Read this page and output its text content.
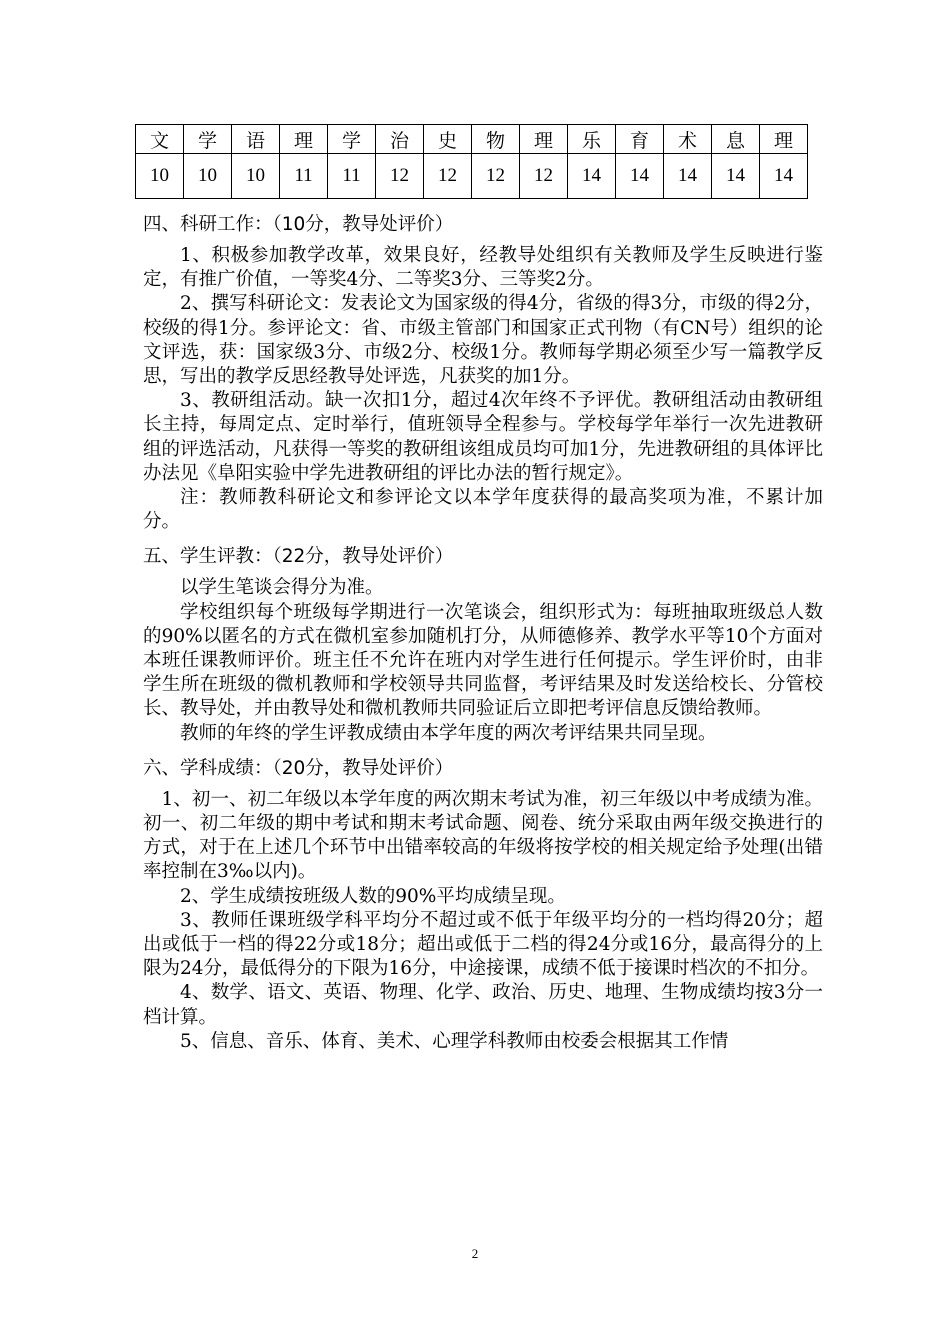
文	学	语	理	学	治	史	物	理	乐	育	术	息	理
10	10	10	11	11	12	12	12	12	14	14	14	14	14
四、科研工作：（10分，教导处评价）

1、积极参加教学改革，效果良好，经教导处组织有关教师及学生反映进行鉴定，有推广价值，一等奖4分、二等奖3分、三等奖2分。

2、撰写科研论文：发表论文为国家级的得4分，省级的得3分，市级的得2分，校级的得1分。参评论文：省、市级主管部门和国家正式刊物（有CN号）组织的论文评选，获：国家级3分、市级2分、校级1分。教师每学期必须至少写一篇教学反思，写出的教学反思经教导处评选，凡获奖的加1分。

3、教研组活动。缺一次扣1分，超过4次年终不予评优。教研组活动由教研组长主持，每周定点、定时举行，值班领导全程参与。学校每学年举行一次先进教研组的评选活动，凡获得一等奖的教研组该组成员均可加1分，先进教研组的具体评比办法见《阜阳实验中学先进教研组的评比办法的暂行规定》。

注：教师教科研论文和参评论文以本学年度获得的最高奖项为准，不累计加分。

五、学生评教：（22分，教导处评价）

以学生笔谈会得分为准。

学校组织每个班级每学期进行一次笔谈会，组织形式为：每班抽取班级总人数的90%以匿名的方式在微机室参加随机打分，从师德修养、教学水平等10个方面对本班任课教师评价。班主任不允许在班内对学生进行任何提示。学生评价时，由非学生所在班级的微机教师和学校领导共同监督，考评结果及时发送给校长、分管校长、教导处，并由教导处和微机教师共同验证后立即把考评信息反馈给教师。

教师的年终的学生评教成绩由本学年度的两次考评结果共同呈现。

六、学科成绩：（20分，教导处评价）

1、初一、初二年级以本学年度的两次期末考试为准，初三年级以中考成绩为准。初一、初二年级的期中考试和期末考试命题、阅卷、统分采取由两年级交换进行的方式，对于在上述几个环节中出错率较高的年级将按学校的相关规定给予处理(出错率控制在3‰以内)。

2、学生成绩按班级人数的90%平均成绩呈现。

3、教师任课班级学科平均分不超过或不低于年级平均分的一档均得20分；超出或低于一档的得22分或18分；超出或低于二档的得24分或16分，最高得分的上限为24分，最低得分的下限为16分，中途接课，成绩不低于接课时档次的不扣分。

4、数学、语文、英语、物理、化学、政治、历史、地理、生物成绩均按3分一档计算。

5、信息、音乐、体育、美术、心理学科教师由校委会根据其工作情

2
